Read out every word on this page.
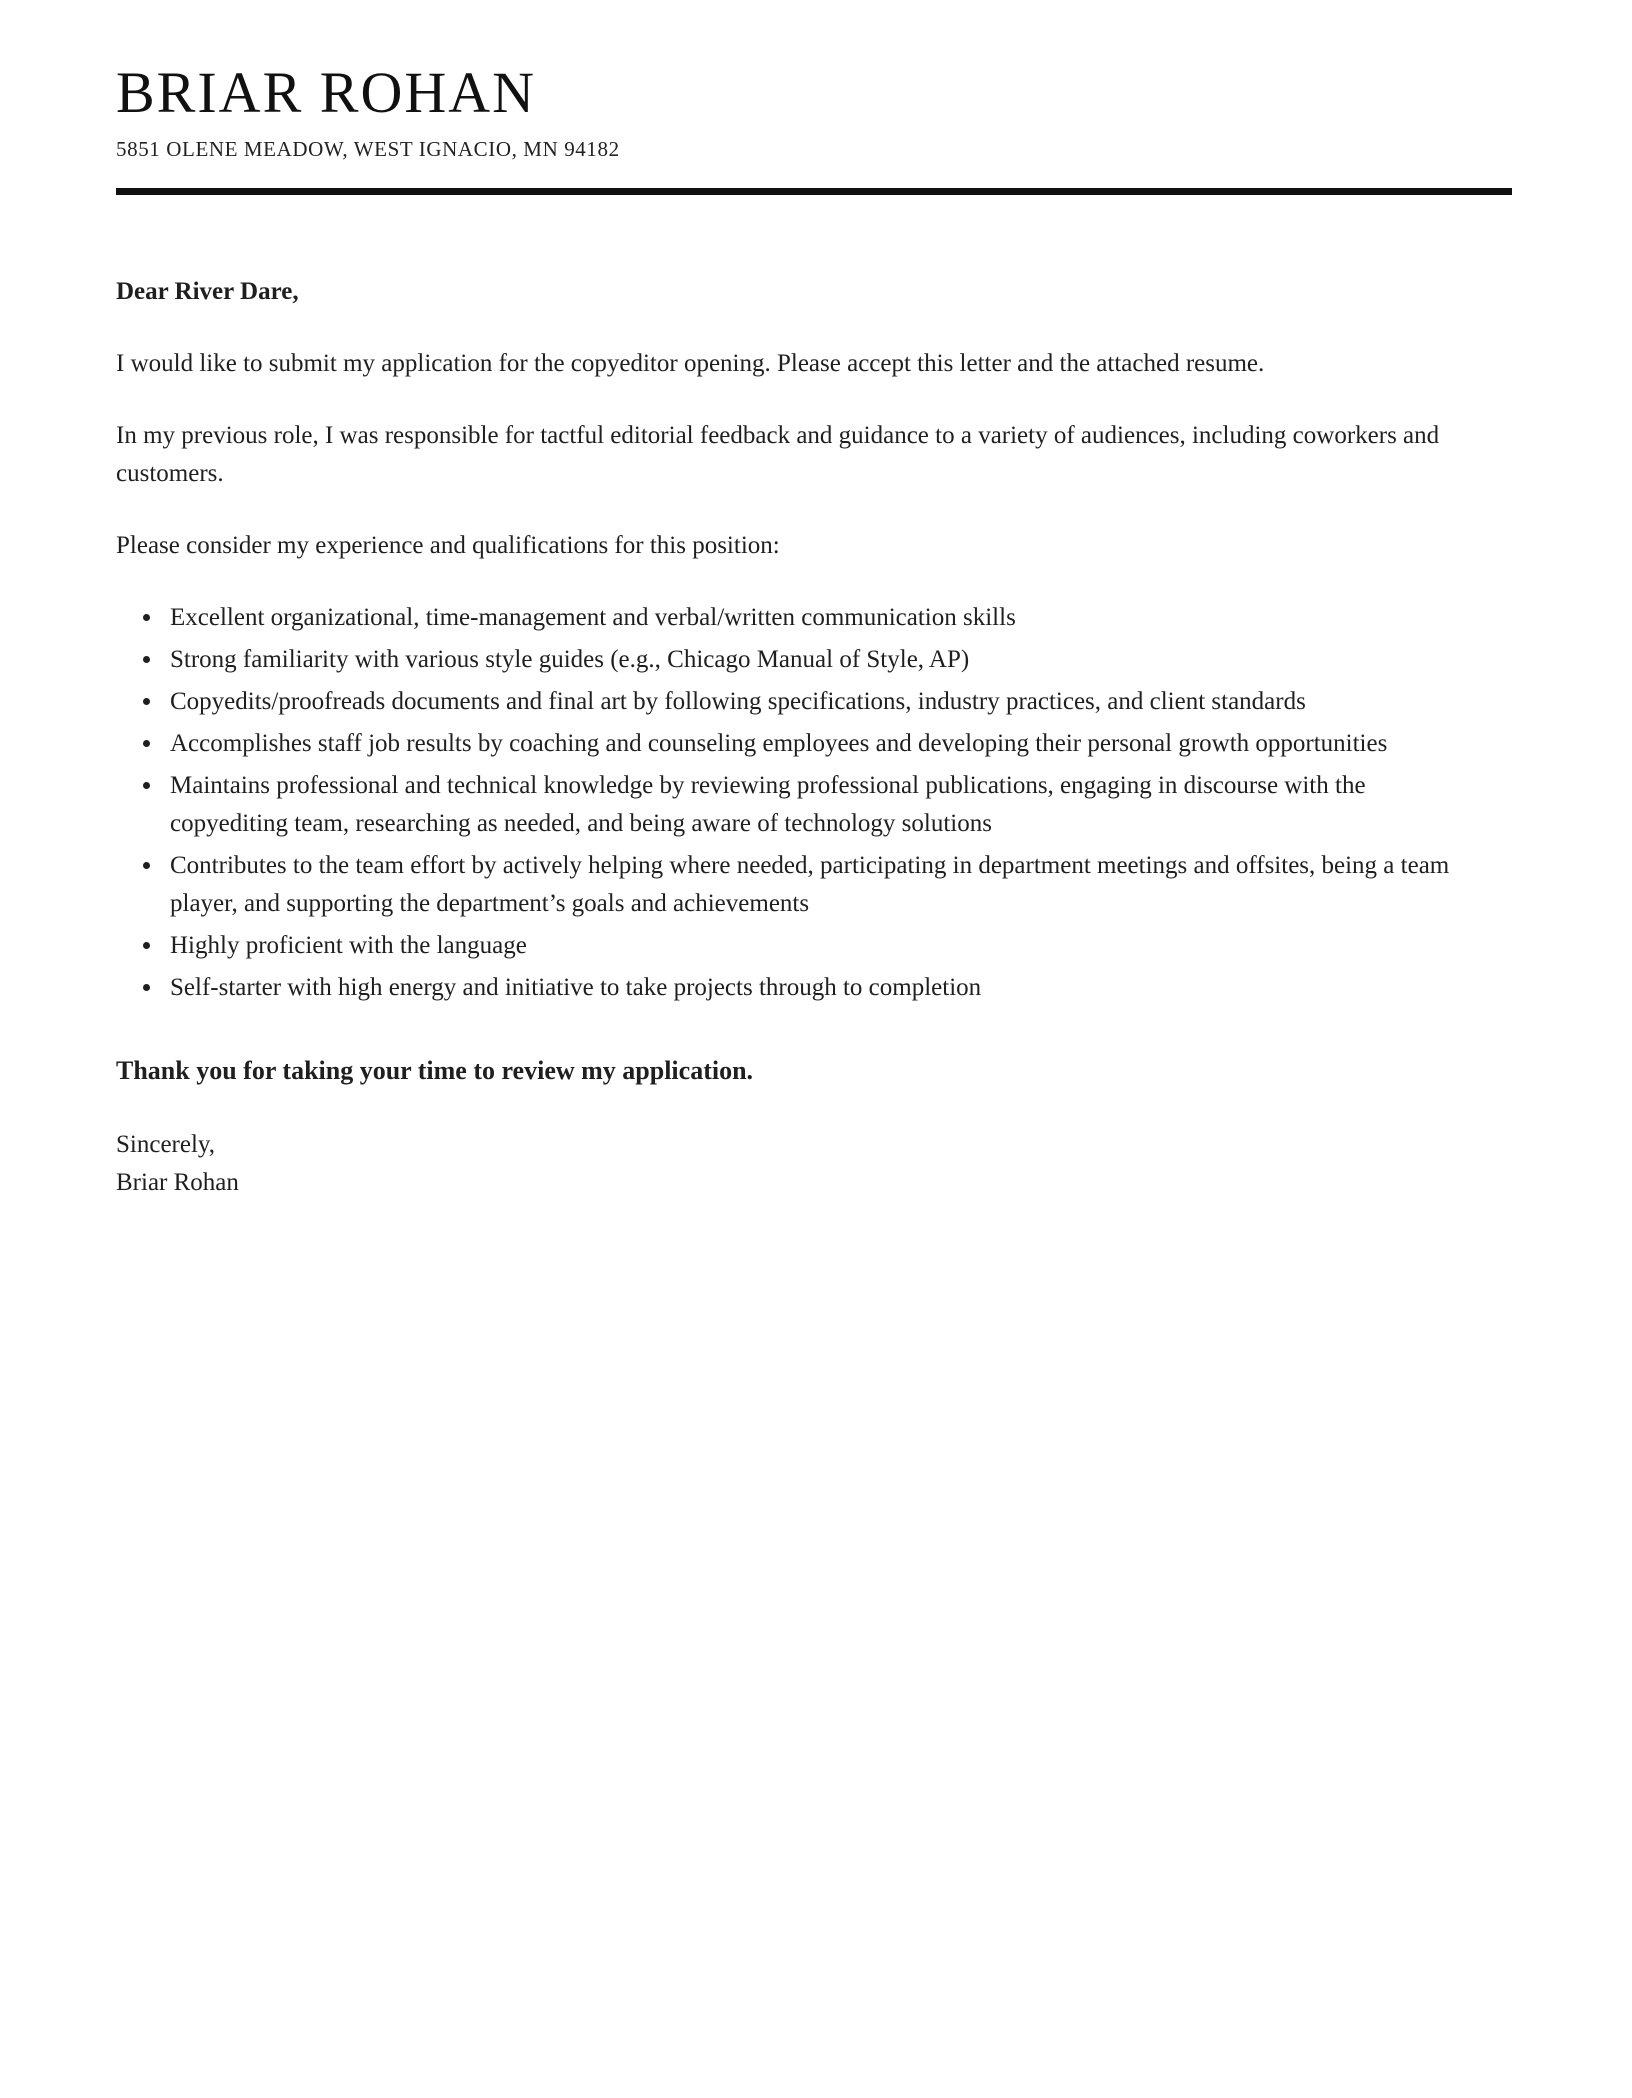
BRIAR ROHAN
5851 OLENE MEADOW, WEST IGNACIO, MN 94182

Dear River Dare,

I would like to submit my application for the copyeditor opening. Please accept this letter and the attached resume.

In my previous role, I was responsible for tactful editorial feedback and guidance to a variety of audiences, including coworkers and customers.

Please consider my experience and qualifications for this position:

• Excellent organizational, time-management and verbal/written communication skills
• Strong familiarity with various style guides (e.g., Chicago Manual of Style, AP)
• Copyedits/proofreads documents and final art by following specifications, industry practices, and client standards
• Accomplishes staff job results by coaching and counseling employees and developing their personal growth opportunities
• Maintains professional and technical knowledge by reviewing professional publications, engaging in discourse with the copyediting team, researching as needed, and being aware of technology solutions
• Contributes to the team effort by actively helping where needed, participating in department meetings and offsites, being a team player, and supporting the department’s goals and achievements
• Highly proficient with the language
• Self-starter with high energy and initiative to take projects through to completion

Thank you for taking your time to review my application.

Sincerely,

Briar Rohan
